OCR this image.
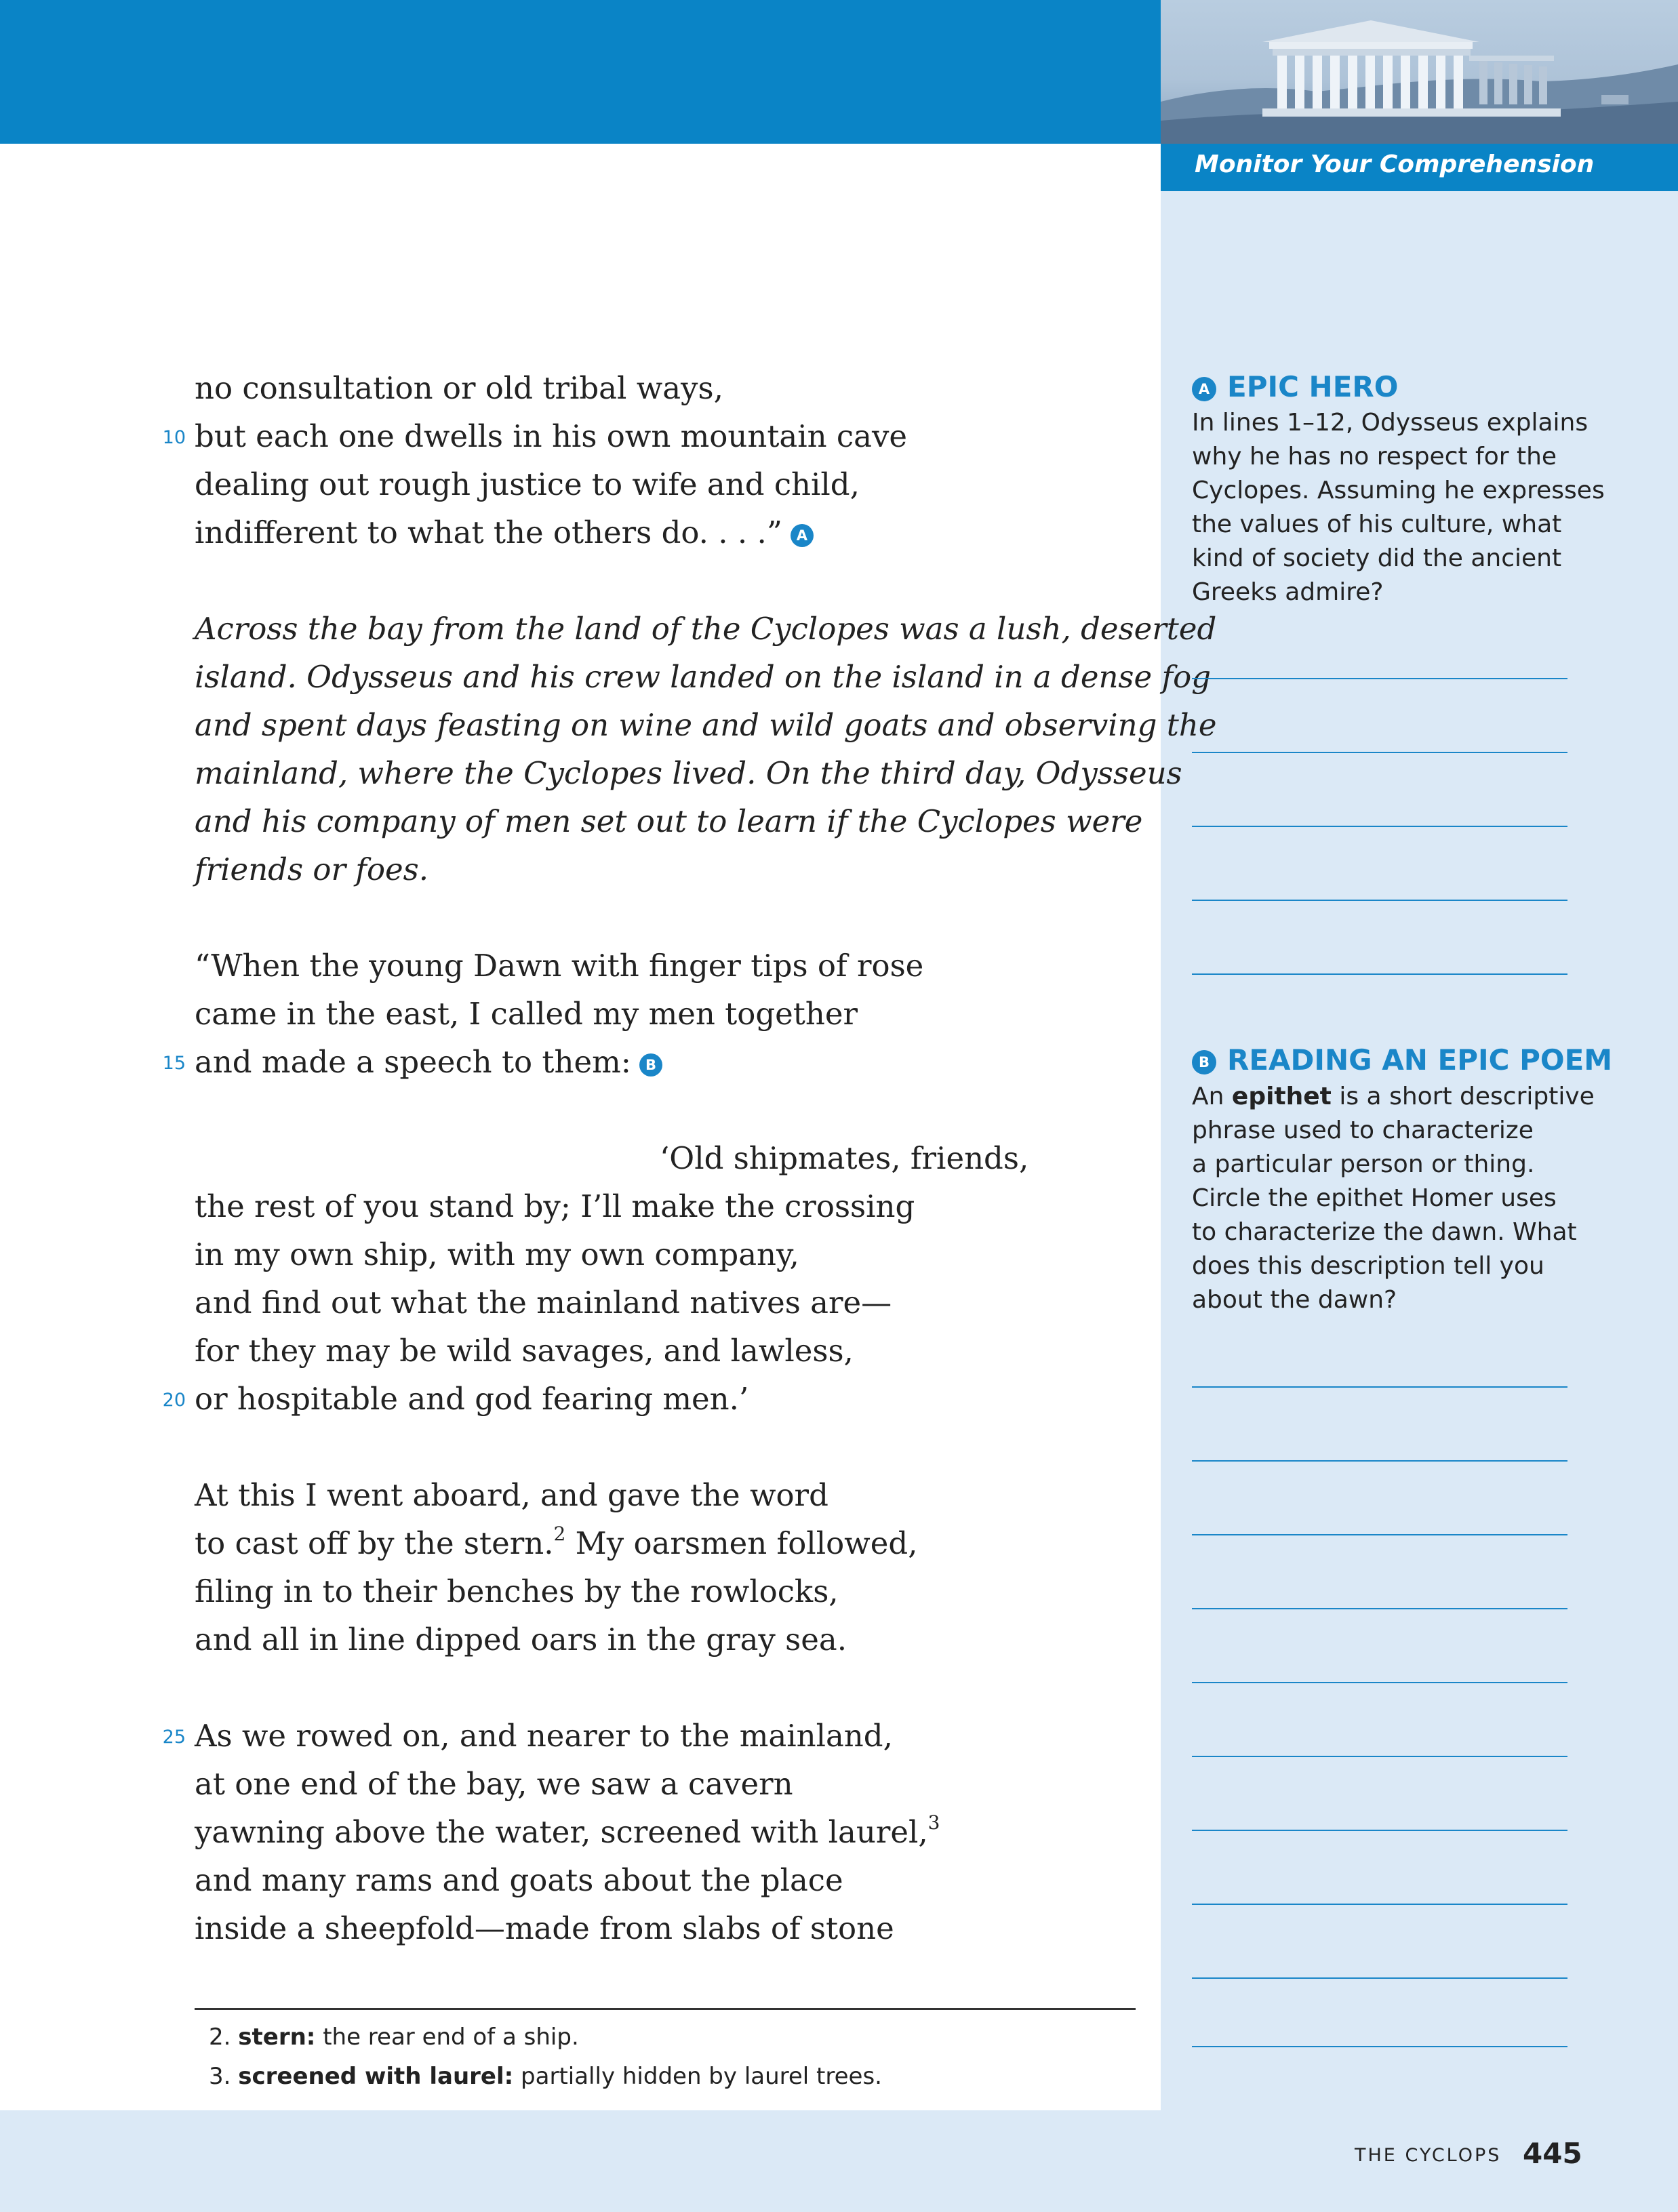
Monitor Your Comprehension
no consultation or old tribal ways,
10 but each one dwells in his own mountain cave
dealing out rough justice to wife and child,
indifferent to what the others do. . . .” A
Across the bay from the land of the Cyclopes was a lush, deserted
island. Odysseus and his crew landed on the island in a dense fog
and spent days feasting on wine and wild goats and observing the
mainland, where the Cyclopes lived. On the third day, Odysseus
and his company of men set out to learn if the Cyclopes were
friends or foes.
“When the young Dawn with finger tips of rose
came in the east, I called my men together
15 and made a speech to them: B
‘Old shipmates, friends,
the rest of you stand by; I’ll make the crossing
in my own ship, with my own company,
and find out what the mainland natives are—
for they may be wild savages, and lawless,
20 or hospitable and god fearing men.’
At this I went aboard, and gave the word
to cast off by the stern.$^2$ My oarsmen followed,
filing in to their benches by the rowlocks,
and all in line dipped oars in the gray sea.
25 As we rowed on, and nearer to the mainland,
at one end of the bay, we saw a cavern
yawning above the water, screened with laurel,$^3$
and many rams and goats about the place
inside a sheepfold—made from slabs of stone
2. stern: the rear end of a ship.
3. screened with laurel: partially hidden by laurel trees.
A EPIC HERO
In lines 1–12, Odysseus explains
why he has no respect for the
Cyclopes. Assuming he expresses
the values of his culture, what
kind of society did the ancient
Greeks admire?
B READING AN EPIC POEM
An epithet is a short descriptive
phrase used to characterize
a particular person or thing.
Circle the epithet Homer uses
to characterize the dawn. What
does this description tell you
about the dawn?
THE CYCLOPS 445
